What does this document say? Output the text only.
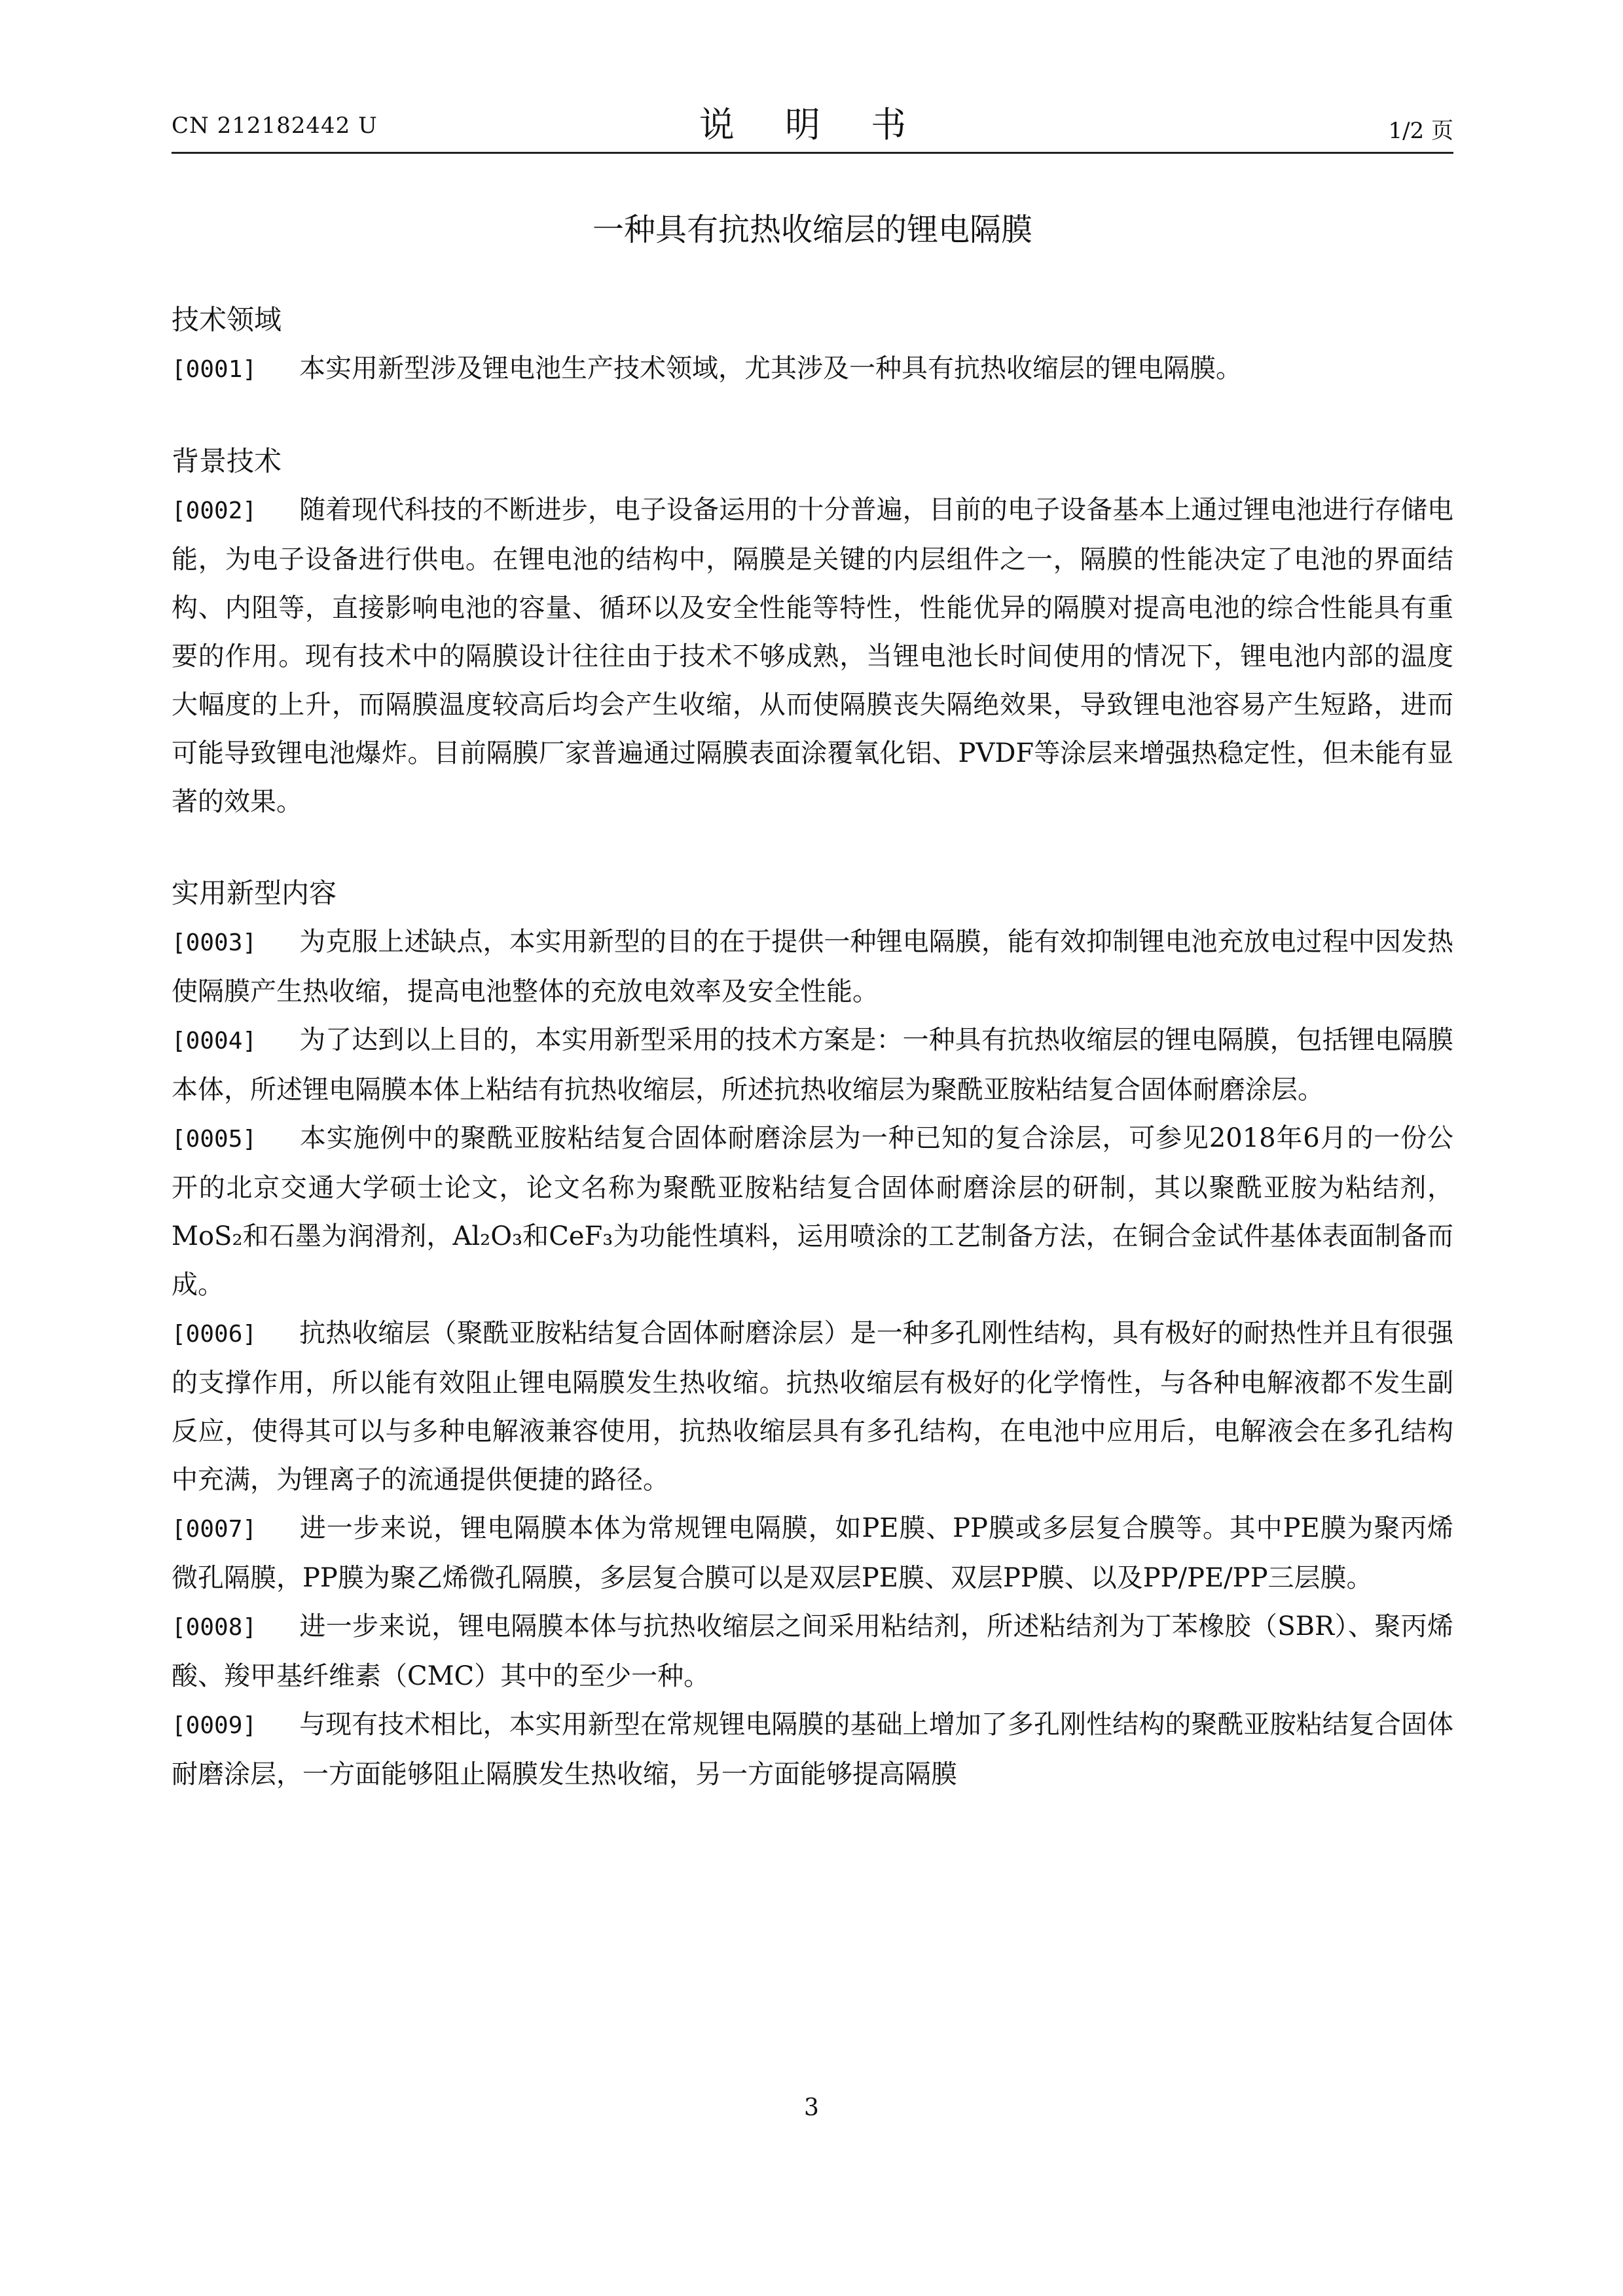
CN 212182442 U	说 明 书	1/2 页
一种具有抗热收缩层的锂电隔膜
技术领域
[0001] 本实用新型涉及锂电池生产技术领域，尤其涉及一种具有抗热收缩层的锂电隔膜。
背景技术
[0002] 随着现代科技的不断进步，电子设备运用的十分普遍，目前的电子设备基本上通过锂电池进行存储电能，为电子设备进行供电。在锂电池的结构中，隔膜是关键的内层组件之一，隔膜的性能决定了电池的界面结构、内阻等，直接影响电池的容量、循环以及安全性能等特性，性能优异的隔膜对提高电池的综合性能具有重要的作用。现有技术中的隔膜设计往往由于技术不够成熟，当锂电池长时间使用的情况下，锂电池内部的温度大幅度的上升，而隔膜温度较高后均会产生收缩，从而使隔膜丧失隔绝效果，导致锂电池容易产生短路，进而可能导致锂电池爆炸。目前隔膜厂家普遍通过隔膜表面涂覆氧化铝、PVDF等涂层来增强热稳定性，但未能有显著的效果。
实用新型内容
[0003] 为克服上述缺点，本实用新型的目的在于提供一种锂电隔膜，能有效抑制锂电池充放电过程中因发热使隔膜产生热收缩，提高电池整体的充放电效率及安全性能。
[0004] 为了达到以上目的，本实用新型采用的技术方案是：一种具有抗热收缩层的锂电隔膜，包括锂电隔膜本体，所述锂电隔膜本体上粘结有抗热收缩层，所述抗热收缩层为聚酰亚胺粘结复合固体耐磨涂层。
[0005] 本实施例中的聚酰亚胺粘结复合固体耐磨涂层为一种已知的复合涂层，可参见2018年6月的一份公开的北京交通大学硕士论文，论文名称为聚酰亚胺粘结复合固体耐磨涂层的研制，其以聚酰亚胺为粘结剂，MoS₂和石墨为润滑剂，Al₂O₃和CeF₃为功能性填料，运用喷涂的工艺制备方法，在铜合金试件基体表面制备而成。
[0006] 抗热收缩层（聚酰亚胺粘结复合固体耐磨涂层）是一种多孔刚性结构，具有极好的耐热性并且有很强的支撑作用，所以能有效阻止锂电隔膜发生热收缩。抗热收缩层有极好的化学惰性，与各种电解液都不发生副反应，使得其可以与多种电解液兼容使用，抗热收缩层具有多孔结构，在电池中应用后，电解液会在多孔结构中充满，为锂离子的流通提供便捷的路径。
[0007] 进一步来说，锂电隔膜本体为常规锂电隔膜，如PE膜、PP膜或多层复合膜等。其中PE膜为聚丙烯微孔隔膜，PP膜为聚乙烯微孔隔膜，多层复合膜可以是双层PE膜、双层PP膜、以及PP/PE/PP三层膜。
[0008] 进一步来说，锂电隔膜本体与抗热收缩层之间采用粘结剂，所述粘结剂为丁苯橡胶（SBR）、聚丙烯酸、羧甲基纤维素（CMC）其中的至少一种。
[0009] 与现有技术相比，本实用新型在常规锂电隔膜的基础上增加了多孔刚性结构的聚酰亚胺粘结复合固体耐磨涂层，一方面能够阻止隔膜发生热收缩，另一方面能够提高隔膜
3
